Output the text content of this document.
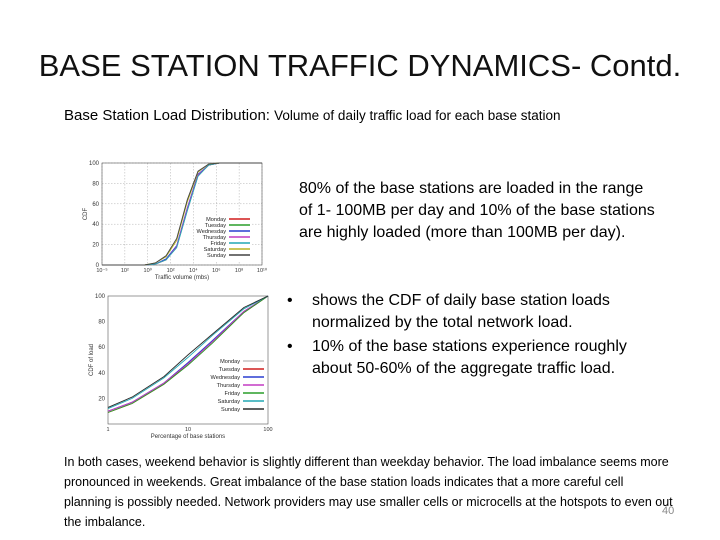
BASE STATION TRAFFIC DYNAMICS- Contd.
Base Station Load Distribution: Volume of daily traffic load for each base station
0
20
40
60
80
100
10⁻⁵ 10²	10⁰	10²	10⁴	10⁶	10⁸ 10¹⁰
Traffic volume (mbs)
CDF	Monday
Tuesday
Wednesday
Thursday
Friday
Saturday
Sunday
20
40
60
80
100
1	10	100
Percentage of base stations
CDF of load	Monday
Tuesday
Wednesday
Thursday
Friday
Saturday
Sunday
80% of the base stations are loaded in the range of 1- 100MB per day and 10% of the base stations are highly loaded (more than 100MB per day).
• shows the CDF of daily base station loads normalized by the total network load.
• 10% of the base stations experience roughly about 50-60% of the aggregate traffic load.
In both cases, weekend behavior is slightly different than weekday behavior. The load imbalance seems more pronounced in weekends. Great imbalance of the base station loads indicates that a more careful cell planning is possibly needed. Network providers may use smaller cells or microcells at the hotspots to even out the imbalance.
40
